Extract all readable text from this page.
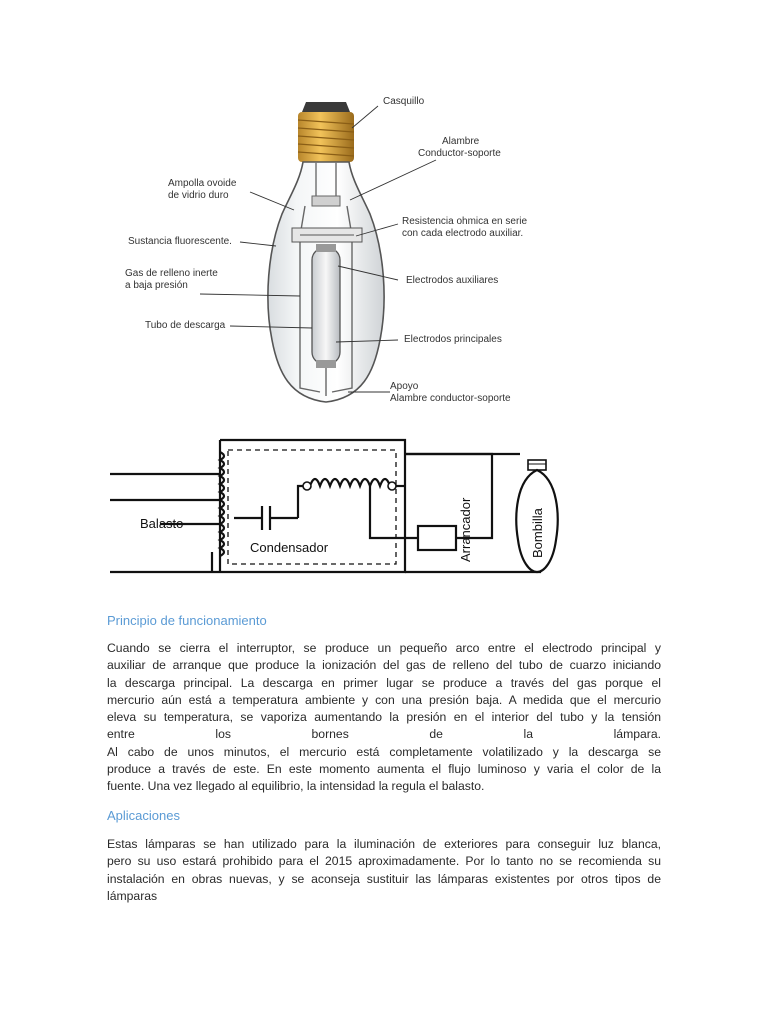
Casquillo
Alambre
Conductor-soporte
Ampolla ovoide
de vidrio duro
Resistencia ohmica en serie
con cada electrodo auxiliar.
Sustancia fluorescente.
Gas de relleno inerte
a baja presión	Electrodos auxiliares
Tubo de descarga
Electrodos principales
Apoyo
Alambre conductor-soporte
Balasto
Condensador	Arrancador	Bombilla
Principio de funcionamiento
Cuando se cierra el interruptor, se produce un pequeño arco entre el electrodo principal y
auxiliar de arranque que produce la ionización del gas de relleno del tubo de cuarzo iniciando
la descarga principal. La descarga en primer lugar se produce a través del gas porque el
mercurio aún está a temperatura ambiente y con una presión baja. A medida que el mercurio
eleva su temperatura, se vaporiza aumentando la presión en el interior del tubo y la tensión
entre los bornes de la lámpara.
Al cabo de unos minutos, el mercurio está completamente volatilizado y la descarga se
produce a través de este. En este momento aumenta el flujo luminoso y varia el color de la
fuente. Una vez llegado al equilibrio, la intensidad la regula el balasto.
Aplicaciones
Estas lámparas se han utilizado para la iluminación de exteriores para conseguir luz blanca,
pero su uso estará prohibido para el 2015 aproximadamente. Por lo tanto no se recomienda su
instalación en obras nuevas, y se aconseja sustituir las lámparas existentes por otros tipos de
lámparas
